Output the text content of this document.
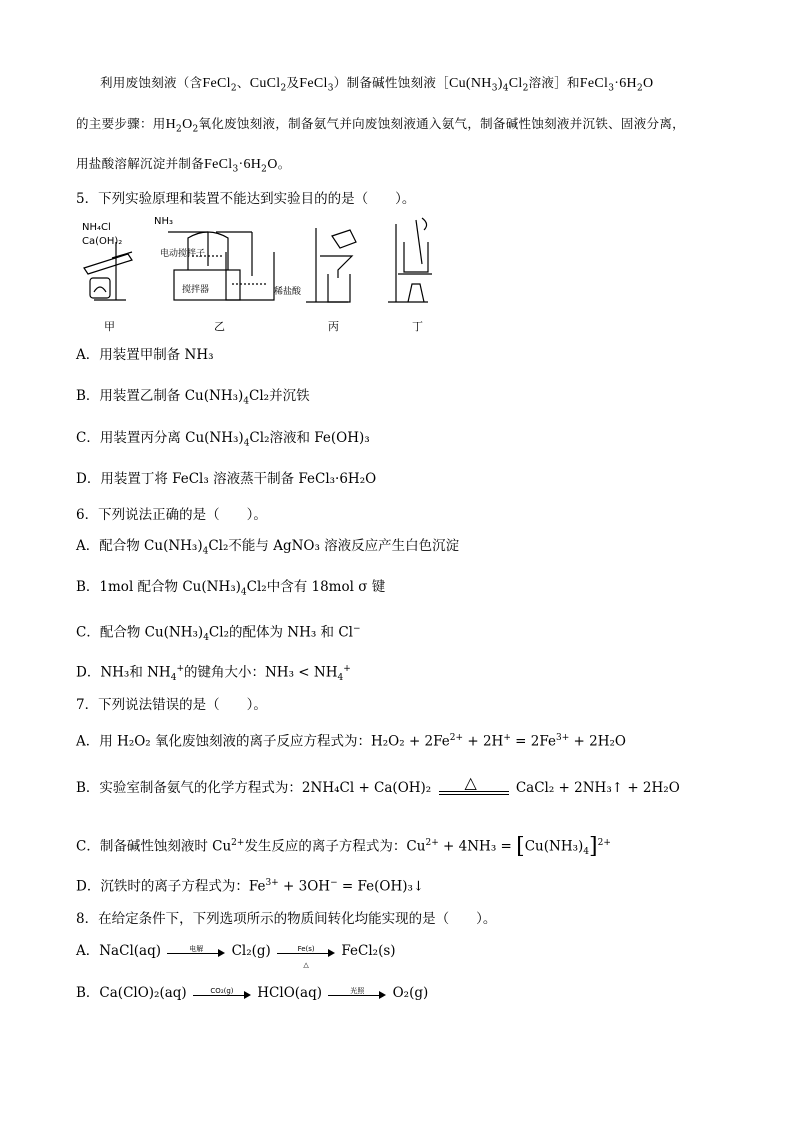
利用废蚀刻液（含FeCl$_2$、CuCl$_2$及FeCl$_3$）制备碱性蚀刻液$[Cu(NH_3)_4Cl_2$溶液］和$FeCl_3\cdot 6H_2O$
的主要步骤：用$H_2O_2$氧化废蚀刻液，制备氨气并向废蚀刻液通入氨气，制备碱性蚀刻液并沉铁、固液分离，
用盐酸溶解沉淀并制备$FeCl_3\cdot 6H_2O$。
5．下列实验原理和装置不能达到实验目的的是（　　）。
NH₄Cl
Ca(OH)₂
NH₃
电动搅拌子
搅拌器	稀盐酸
甲	乙	丙	丁
A．用装置甲制备 NH₃
B．用装置乙制备 $Cu(NH_3)_4Cl_2$并沉铁
C．用装置丙分离 $Cu(NH_3)_4Cl_2$溶液和 Fe(OH)₃
D．用装置丁将 FeCl₃ 溶液蒸干制备 FeCl₃·6H₂O
6．下列说法正确的是（　　）。
A．配合物 $Cu(NH_3)_4Cl_2$不能与 AgNO₃ 溶液反应产生白色沉淀
B．1mol 配合物 $Cu(NH_3)_4Cl_2$中含有 18mol σ 键
C．配合物 $Cu(NH_3)_4Cl_2$的配体为 NH₃ 和 Cl−
D．NH₃和 $NH_4^+$的键角大小：$NH_3 < NH_4^+$
7．下列说法错误的是（　　）。
A．用 H₂O₂ 氧化废蚀刻液的离子反应方程式为：$H_2O_2 + 2Fe^{2+} + 2H^+ = 2Fe^{3+} + 2H_2O$
B．实验室制备氨气的化学方程式为：2NH₄Cl + Ca(OH)₂ △	CaCl₂ + 2NH₃↑ + 2H₂O
C．制备碱性蚀刻液时 $Cu^{2+}$发生反应的离子方程式为：$Cu^{2+} + 4NH_3 = [Cu(NH_3)_4]^{2+}$
D．沉铁时的离子方程式为：$Fe^{3+} + 3OH^-$ = Fe(OH)₃↓
8．在给定条件下，下列选项所示的物质间转化均能实现的是（　　）。
A．NaCl(aq)	电解	Cl₂(g)	Fe(s)
△
FeCl₂(s)
B．Ca(ClO)₂(aq)	CO₂(g)	HClO(aq)	光照	O₂(g)
